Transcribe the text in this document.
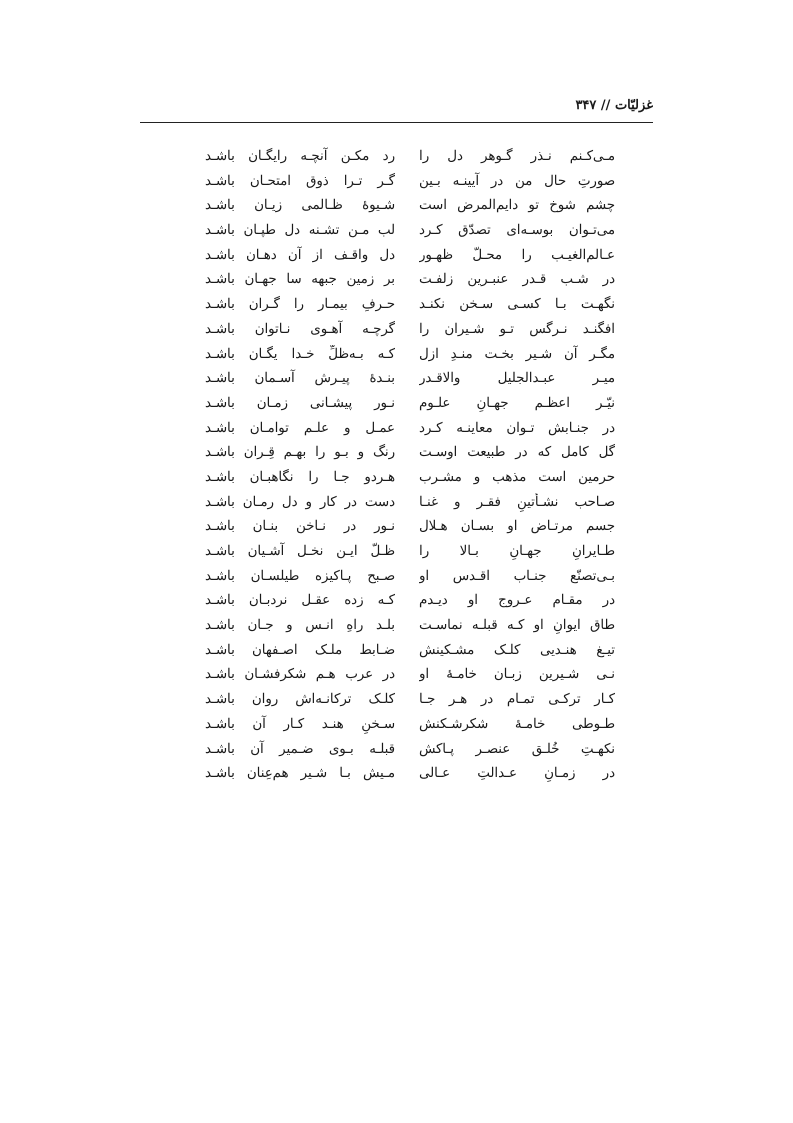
غزلیّات // ۳۴۷
مـی‌کـنم نـذر گـوهر دل را
رد مکـن آنچـه رایگـان باشـد
صورتِ حال من در آیینـه بـین
گـر تـرا ذوق امتحـان باشـد
چشم شوخ تو دایم‌المرض است
شـیوهٔ ظـالمی زیـان باشـد
می‌تـوان بوسـه‌ای تصدّق کـرد
لب مـن تشـنه دل طپـان باشـد
عـالم‌الغیـب را محـلّ ظهـور
دل واقـف از آن دهـان باشـد
در شـب قـدر عنبـرین زلفـت
بر زمین جبهه سا جهـان باشـد
نگهـت بـا کسـی سـخن نکنـد
حـرفِ بیمـار را گـران باشـد
افگنـد نـرگس تـو شـیران را
گرچـه آهـوی نـاتوان باشـد
مگـر آن شـیر بخـت منـدِ ازل
کـه بـه‌ظلِّ خـدا یگـان باشـد
میـر عبـدالجلیل والاقـدر
بنـدهٔ پیـرش آسـمان باشـد
نیّـر اعظـم جهـانِ علـوم
نـور پیشـانی زمـان باشـد
در جنـابش تـوان معاینـه کـرد
عمـل و علـم توامـان باشـد
گل کامل که در طبیعت اوسـت
رنگ و بـو را بهـم قِـران باشـد
حرمین است مذهب و مشـرب
هـردو جـا را نگاهبـان باشـد
صـاحب نشـأتینِ فقـر و غنـا
دست در کار و دل رمـان باشـد
جسم مرتـاض او بسـان هـلال
نـور در نـاخن بنـان باشـد
طـایرانِ جهـانِ بـالا را
ظـلّ ایـن نخـل آشـیان باشـد
بـی‌تصنّع جنـاب اقـدس او
صـبح پـاکیزه طیلسـان باشـد
در مقـام عـروج او دیـدم
کـه زده عقـل نردبـان باشـد
طاق ایوانِ او کـه قبلـه نماسـت
بلـد راهِ انـس و جـان باشـد
تیـغ هنـدیی کلـک مشـکینش
ضـابط ملـک اصـفهان باشـد
نـی شـیرین زبـان خامـهٔ او
در عرب هـم شکرفشـان باشـد
کـار ترکـی تمـام در هـر جـا
کلـک ترکانـه‌اش روان باشـد
طـوطی خامـهٔ شکرشـکنش
سـخنِ هنـد کـار آن باشـد
نکهـتِ خُلـق عنصـر پـاکش
قبلـه بـوی ضـمیر آن باشـد
در زمـانِ عـدالتِ عـالی
مـیش بـا شـیر هم‌عِنان باشـد
